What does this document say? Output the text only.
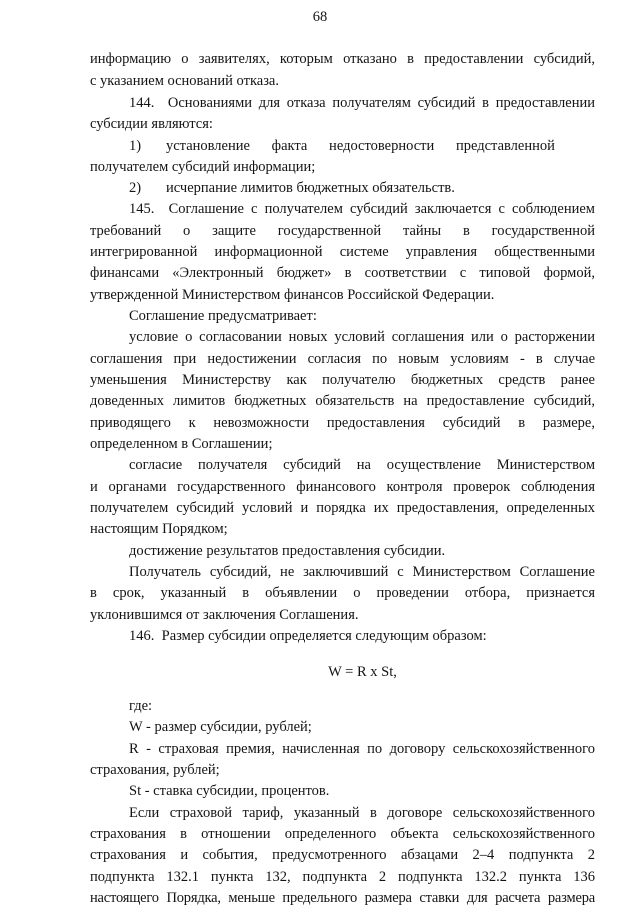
68
информацию о заявителях, которым отказано в предоставлении субсидий,
с указанием оснований отказа.
144.  Основаниями для отказа получателям субсидий в предоставлении
субсидии являются:
1) установление   факта   недостоверности   представленной
получателем субсидий информации;
2) исчерпание лимитов бюджетных обязательств.
145.  Соглашение с получателем субсидий заключается с соблюдением
требований о защите государственной тайны в государственной
интегрированной информационной системе управления общественными
финансами «Электронный бюджет» в соответствии с типовой формой,
утвержденной Министерством финансов Российской Федерации.
Соглашение предусматривает:
условие о согласовании новых условий соглашения или о расторжении
соглашения при недостижении согласия по новым условиям - в случае
уменьшения Министерству как получателю бюджетных средств ранее
доведенных лимитов бюджетных обязательств на предоставление субсидий,
приводящего к невозможности предоставления субсидий в размере,
определенном в Соглашении;
согласие получателя субсидий на осуществление Министерством
и органами государственного финансового контроля проверок соблюдения
получателем субсидий условий и порядка их предоставления, определенных
настоящим Порядком;
достижение результатов предоставления субсидии.
Получатель субсидий, не заключивший с Министерством Соглашение
в срок, указанный в объявлении о проведении отбора, признается
уклонившимся от заключения Соглашения.
146.  Размер субсидии определяется следующим образом:
W = R x St,
где:
W - размер субсидии, рублей;
R - страховая премия, начисленная по договору сельскохозяйственного
страхования, рублей;
St - ставка субсидии, процентов.
Если страховой тариф, указанный в договоре сельскохозяйственного
страхования в отношении определенного объекта сельскохозяйственного
страхования и события, предусмотренного абзацами 2–4 подпункта 2
подпункта 132.1 пункта 132, подпункта 2 подпункта 132.2 пункта 136
настоящего Порядка, меньше предельного размера ставки для расчета размера
